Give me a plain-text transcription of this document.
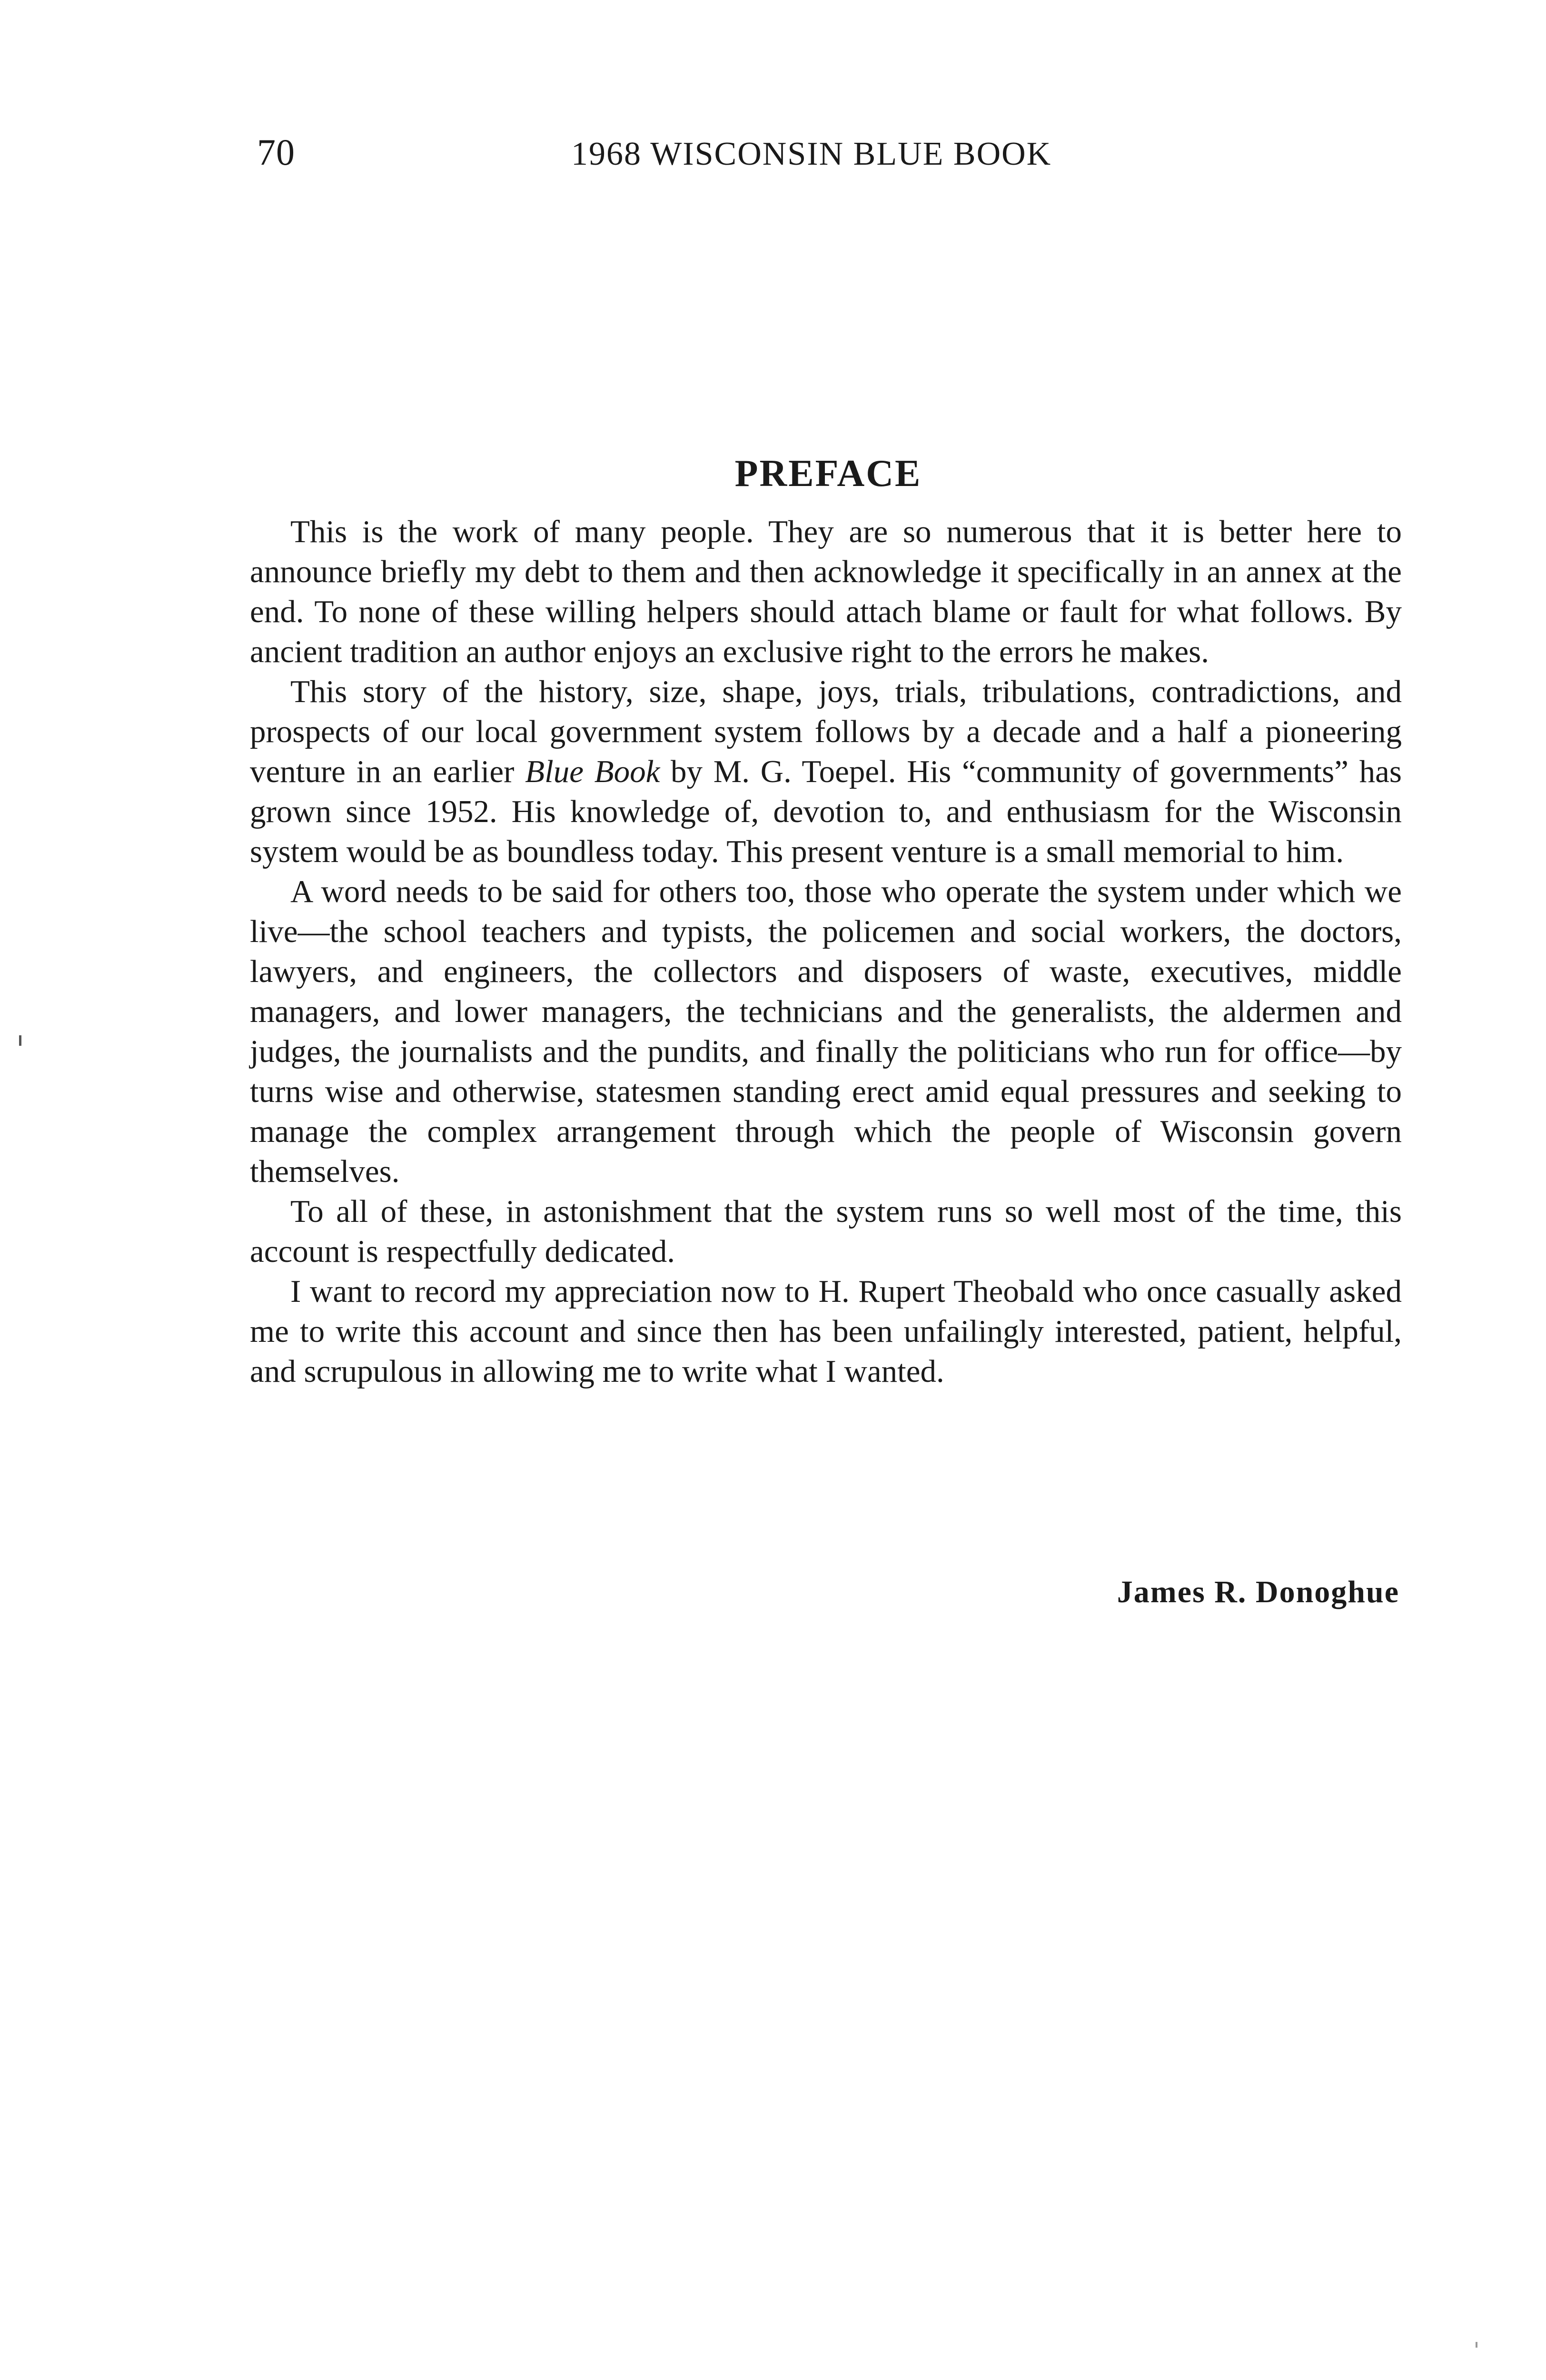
70	1968 WISCONSIN BLUE BOOK
PREFACE

This is the work of many people. They are so numerous that it is better here to announce briefly my debt to them and then acknowledge it specifically in an annex at the end. To none of these willing helpers should attach blame or fault for what follows. By ancient tradition an author enjoys an exclusive right to the errors he makes.

This story of the history, size, shape, joys, trials, tribulations, contradictions, and prospects of our local government system follows by a decade and a half a pioneering venture in an earlier Blue Book by M. G. Toepel. His “community of governments” has grown since 1952. His knowledge of, devotion to, and enthusiasm for the Wisconsin system would be as boundless today. This present venture is a small memorial to him.

A word needs to be said for others too, those who operate the system under which we live—the school teachers and typists, the policemen and social workers, the doctors, lawyers, and engineers, the collectors and disposers of waste, executives, middle managers, and lower managers, the technicians and the generalists, the aldermen and judges, the journalists and the pundits, and finally the politicians who run for office—by turns wise and otherwise, statesmen standing erect amid equal pressures and seeking to manage the complex arrangement through which the people of Wisconsin govern themselves.

To all of these, in astonishment that the system runs so well most of the time, this account is respectfully dedicated.

I want to record my appreciation now to H. Rupert Theobald who once casually asked me to write this account and since then has been unfailingly interested, patient, helpful, and scrupulous in allowing me to write what I wanted.

James R. Donoghue
